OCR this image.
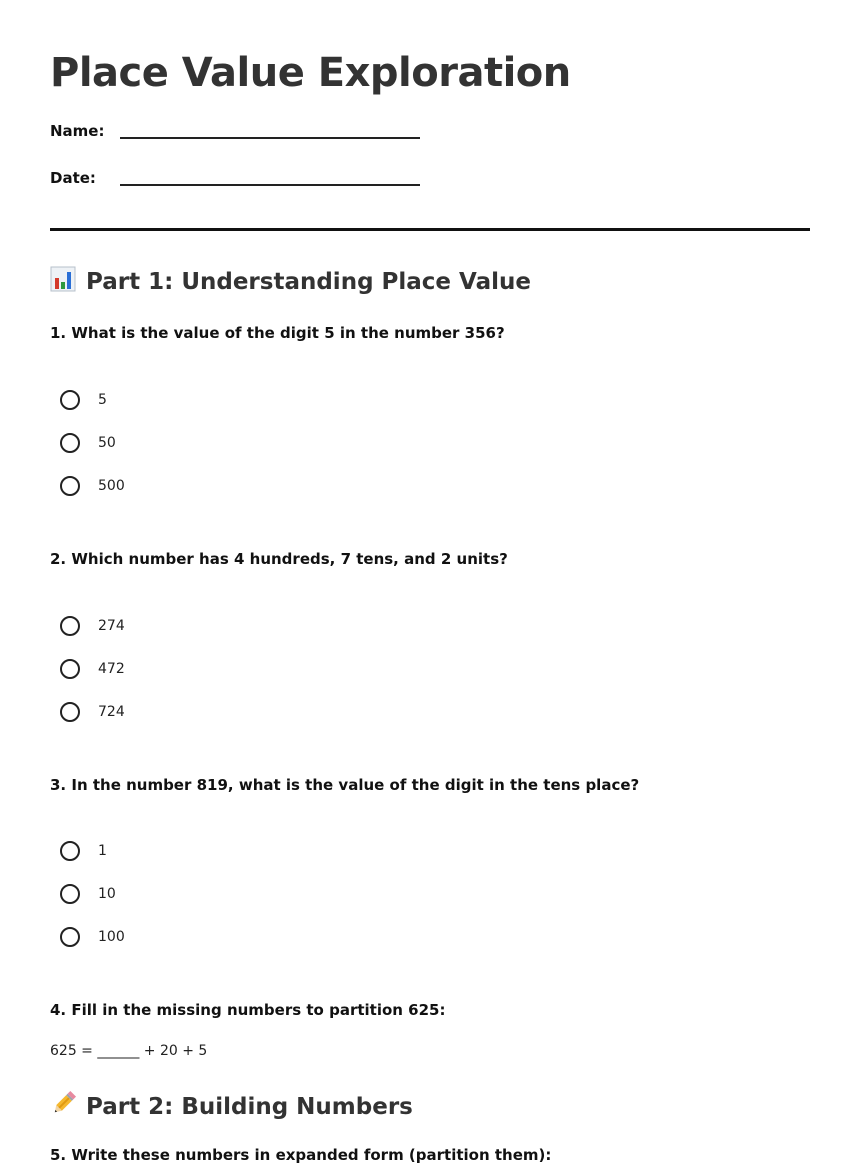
Place Value Exploration
Name:
Date:
Part 1: Understanding Place Value
1. What is the value of the digit 5 in the number 356?
5
50
500
2. Which number has 4 hundreds, 7 tens, and 2 units?
274
472
724
3. In the number 819, what is the value of the digit in the tens place?
1
10
100
4. Fill in the missing numbers to partition 625:
625 = ______ + 20 + 5
Part 2: Building Numbers
5. Write these numbers in expanded form (partition them):
